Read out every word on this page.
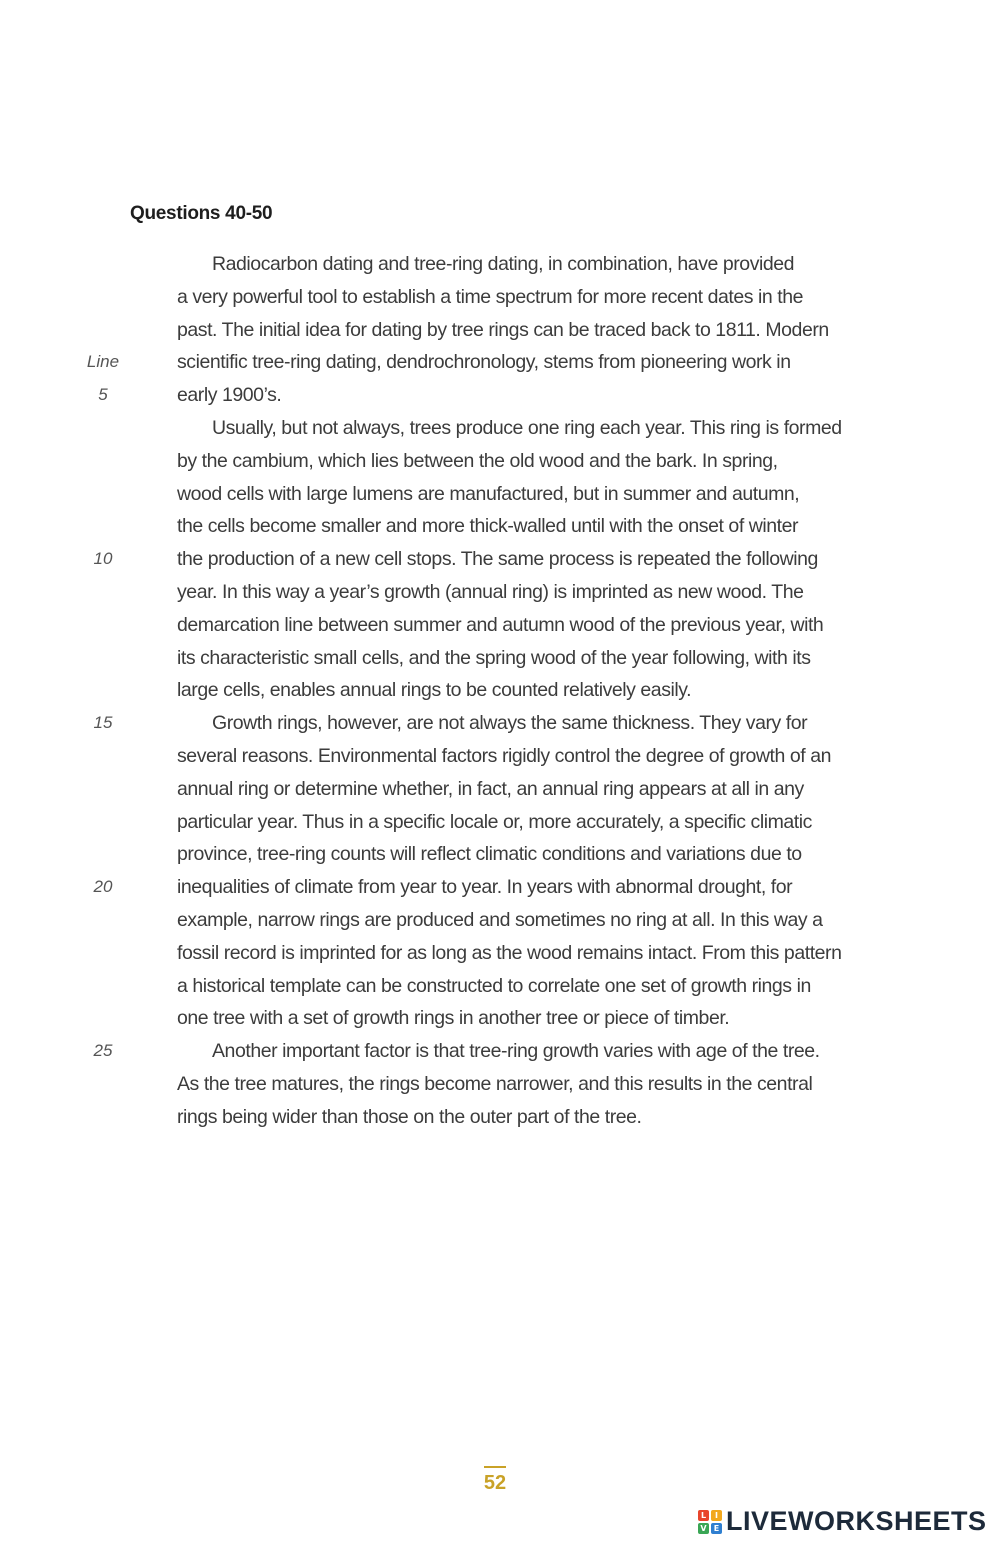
Questions 40-50
Radiocarbon dating and tree-ring dating, in combination, have provided
a very powerful tool to establish a time spectrum for more recent dates in the
past. The initial idea for dating by tree rings can be traced back to 1811. Modern
Line	scientific tree-ring dating, dendrochronology, stems from pioneering work in
5	early 1900’s.
Usually, but not always, trees produce one ring each year. This ring is formed
by the cambium, which lies between the old wood and the bark. In spring,
wood cells with large lumens are manufactured, but in summer and autumn,
the cells become smaller and more thick-walled until with the onset of winter
10	the production of a new cell stops. The same process is repeated the following
year. In this way a year’s growth (annual ring) is imprinted as new wood. The
demarcation line between summer and autumn wood of the previous year, with
its characteristic small cells, and the spring wood of the year following, with its
large cells, enables annual rings to be counted relatively easily.
15	Growth rings, however, are not always the same thickness. They vary for
several reasons. Environmental factors rigidly control the degree of growth of an
annual ring or determine whether, in fact, an annual ring appears at all in any
particular year. Thus in a specific locale or, more accurately, a specific climatic
province, tree-ring counts will reflect climatic conditions and variations due to
20	inequalities of climate from year to year. In years with abnormal drought, for
example, narrow rings are produced and sometimes no ring at all. In this way a
fossil record is imprinted for as long as the wood remains intact. From this pattern
a historical template can be constructed to correlate one set of growth rings in
one tree with a set of growth rings in another tree or piece of timber.
25	Another important factor is that tree-ring growth varies with age of the tree.
As the tree matures, the rings become narrower, and this results in the central
rings being wider than those on the outer part of the tree.
52
L	I
V E LIVEWORKSHEETS
